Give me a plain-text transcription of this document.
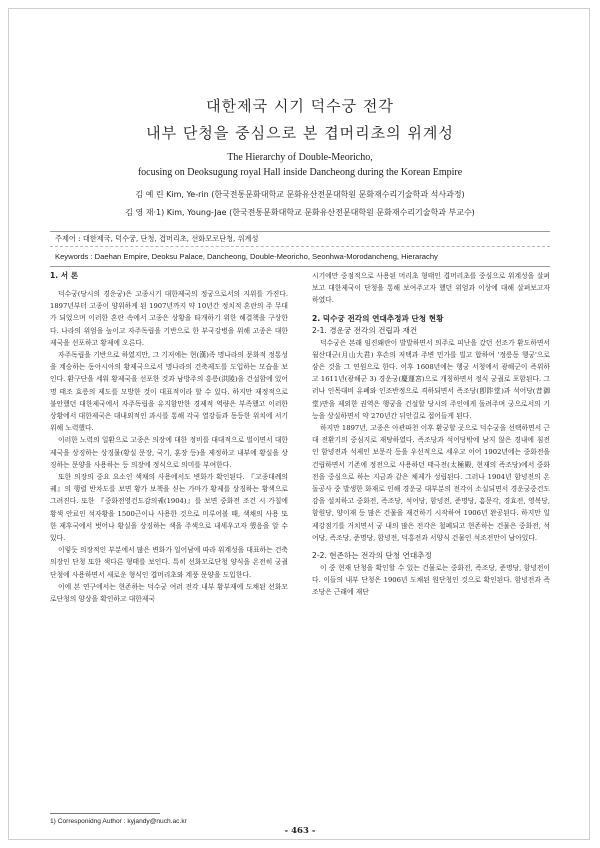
대한제국 시기 덕수궁 전각
내부 단청을 중심으로 본 겹머리초의 위계성
The Hierarchy of Double-Meoricho,
focusing on Deoksugung royal Hall inside Dancheong during the Korean Empire
김 예 린 Kim, Ye-rin (한국전통문화대학교 문화유산전문대학원 문화재수리기술학과 석사과정)
김 영 재·1) Kim, Young-Jae (한국전통문화대학교 문화유산전문대학원 문화재수리기술학과 부교수)
주제어 : 대한제국, 덕수궁, 단청, 겹머리초, 선화모로단청, 위계성
Keywords : Daehan Empire, Deoksu Palace, Dancheong, Double-Meoricho, Seonhwa-Morodancheng, Hierarachy

1. 서 론

덕수궁(당시의 경운궁)은 고종시기 대한제국의 정궁으로서의 지위를 가진다. 1897년부터 고종이 양위하게 된 1907년까지 약 10년간 정치적 혼란의 주 무대가 되었으며 이러한 혼란 속에서 고종은 상황을 타개하기 위한 해결책을 구상한다. 나라의 위엄을 높이고 자주독립을 기반으로 한 부국강병을 위해 고종은 대한제국을 선포하고 황제에 오른다.

자주독립을 기반으로 하였지만, 그 기저에는 현(漢)족 명나라의 문화적 정통성을 계승하는 동아시아의 황제국으로서 명나라의 건축제도를 도입하는 모습을 보인다. 환구단을 세워 황제국을 선포한 것과 남방주의 흥릉(洪陵)을 건설함에 있어 명 태조 효릉의 제도를 모방한 것이 대표적이라 할 수 있다. 하지만 재정적으로 불안했던 대한제국에서 자주독립을 유지함만한 경제적 역량은 부족했고 이러한 상황에서 대한제국은 대내외적인 과시를 통해 각국 열강들과 동등한 위치에 서기 위해 노력했다.

이러한 노력의 일환으로 고종은 의장에 대한 정비를 대대적으로 벌이면서 대한제국을 상징하는 상징물(황실 문장, 국기, 훈장 등)을 제정하고 내부에 황실을 상징하는 문양을 사용하는 등 의장에 정식으로 의미를 부여한다.

또한 의장의 중요 요소인 색채의 사용에서도 변화가 확인된다. 『고종대례의궤』의 행렬 반차도를 보면 황가 보책을 싣는 가마가 황제를 상징하는 황색으로 그려진다. 또한 『중화전영건도감의궤(1904)』를 보면 중화전 조건 시 가칠에 황색 안료인 석자황을 1500근이나 사용한 것으로 미루어볼 때, 색채의 사용 또한 제후국에서 벗어나 황실을 상징하는 색을 주색으로 내세우고자 했음을 알 수 있다.

이렇듯 의장적인 부분에서 많은 변화가 일어남에 따라 위계성을 대표하는 건축의장인 단청 또한 색다른 형태를 보인다. 특히 선화모로단청 양식을 온전히 궁궐 단청에 사용하면서 새로운 형식인 겹머리초와 계풍 문양을 도입한다.

이에 본 연구에서는 현존하는 덕수궁 여러 전각 내부 황부재에 도채된 선화모로단청의 양상을 확인하고 대한제국

시기에만 중점적으로 사용된 머리초 형태인 겹머리초를 중심으로 위계성을 살펴보고 대한제국이 단청을 통해 보여주고자 했던 위엄과 이상에 대해 살펴보고자 하였다.

2. 덕수궁 전각의 연대추정과 단청 현황

2-1. 경운궁 전각의 건립과 재건

덕수궁은 본래 임진왜란이 발발하면서 의주로 피난을 갔던 선조가 환도하면서 월산대군(月山大君) 후손의 저택과 주변 민가를 빌고 합하여 '정릉동 행궁'으로 삼은 것을 그 연원으로 한다. 이후 1608년에는 행궁 서청에서 광해군이 즉위하고 1611년(광해군 3) 경운궁(慶運宮)으로 개칭하면서 정식 궁궐로 포함된다. 그러나 인목대비 유폐와 인조반정으로 격하되면서 즉조당(卽阼堂)과 석어당(昔御堂)만을 제외한 권역은 행궁을 건설할 당시의 주인에게 돌려주며 궁으로서의 기능을 상실하면서 약 270년간 뒤안길로 접어들게 된다.

하지만 1897년, 고종은 아관파천 이후 환궁할 곳으로 덕수궁을 선택하면서 근대 전환기의 중심지로 재탕하였다. 즉조당과 석어당밖에 남지 않은 경내에 침전인 함녕전과 석제인 보문각 등을 우선적으로 세우고 이어 1902년에는 중화전을 건립하면서 기존에 정전으로 사용하던 태극전(太極殿, 현재의 즉조당)에서 중화전을 중심으로 하는 지금과 같은 체제가 성립된다. 그러나 1904년 함녕전의 온돌공사 중 발생한 화재로 인해 경운궁 대부분의 전각이 소실되면서 경운궁중건도감을 설치하고 중화전, 즉조당, 석어당, 함녕전, 준명당, 흠문각, 경효전, 영복당, 함원당, 양이재 등 많은 건물을 재건하기 시작하여 1906년 완공된다. 하지만 일제강점기를 거치면서 궁 내의 많은 전각은 철폐되고 현존하는 건물은 중화전, 석어당, 즉조당, 준명당, 함녕전, 덕홍전과 서양식 건물인 석조전만이 남아있다.

2-2. 현존하는 전각의 단청 연대추정

이 중 현재 단청을 확인할 수 있는 건물로는 중화전, 즉조당, 준명당, 함녕전이다. 이들의 내부 단청은 1906년 도채된 원단청인 것으로 확인된다. 함녕전과 즉조당은 근래에 재단

1) Corresponidng Author : kyjandy@nuch.ac.kr
- 463 -
